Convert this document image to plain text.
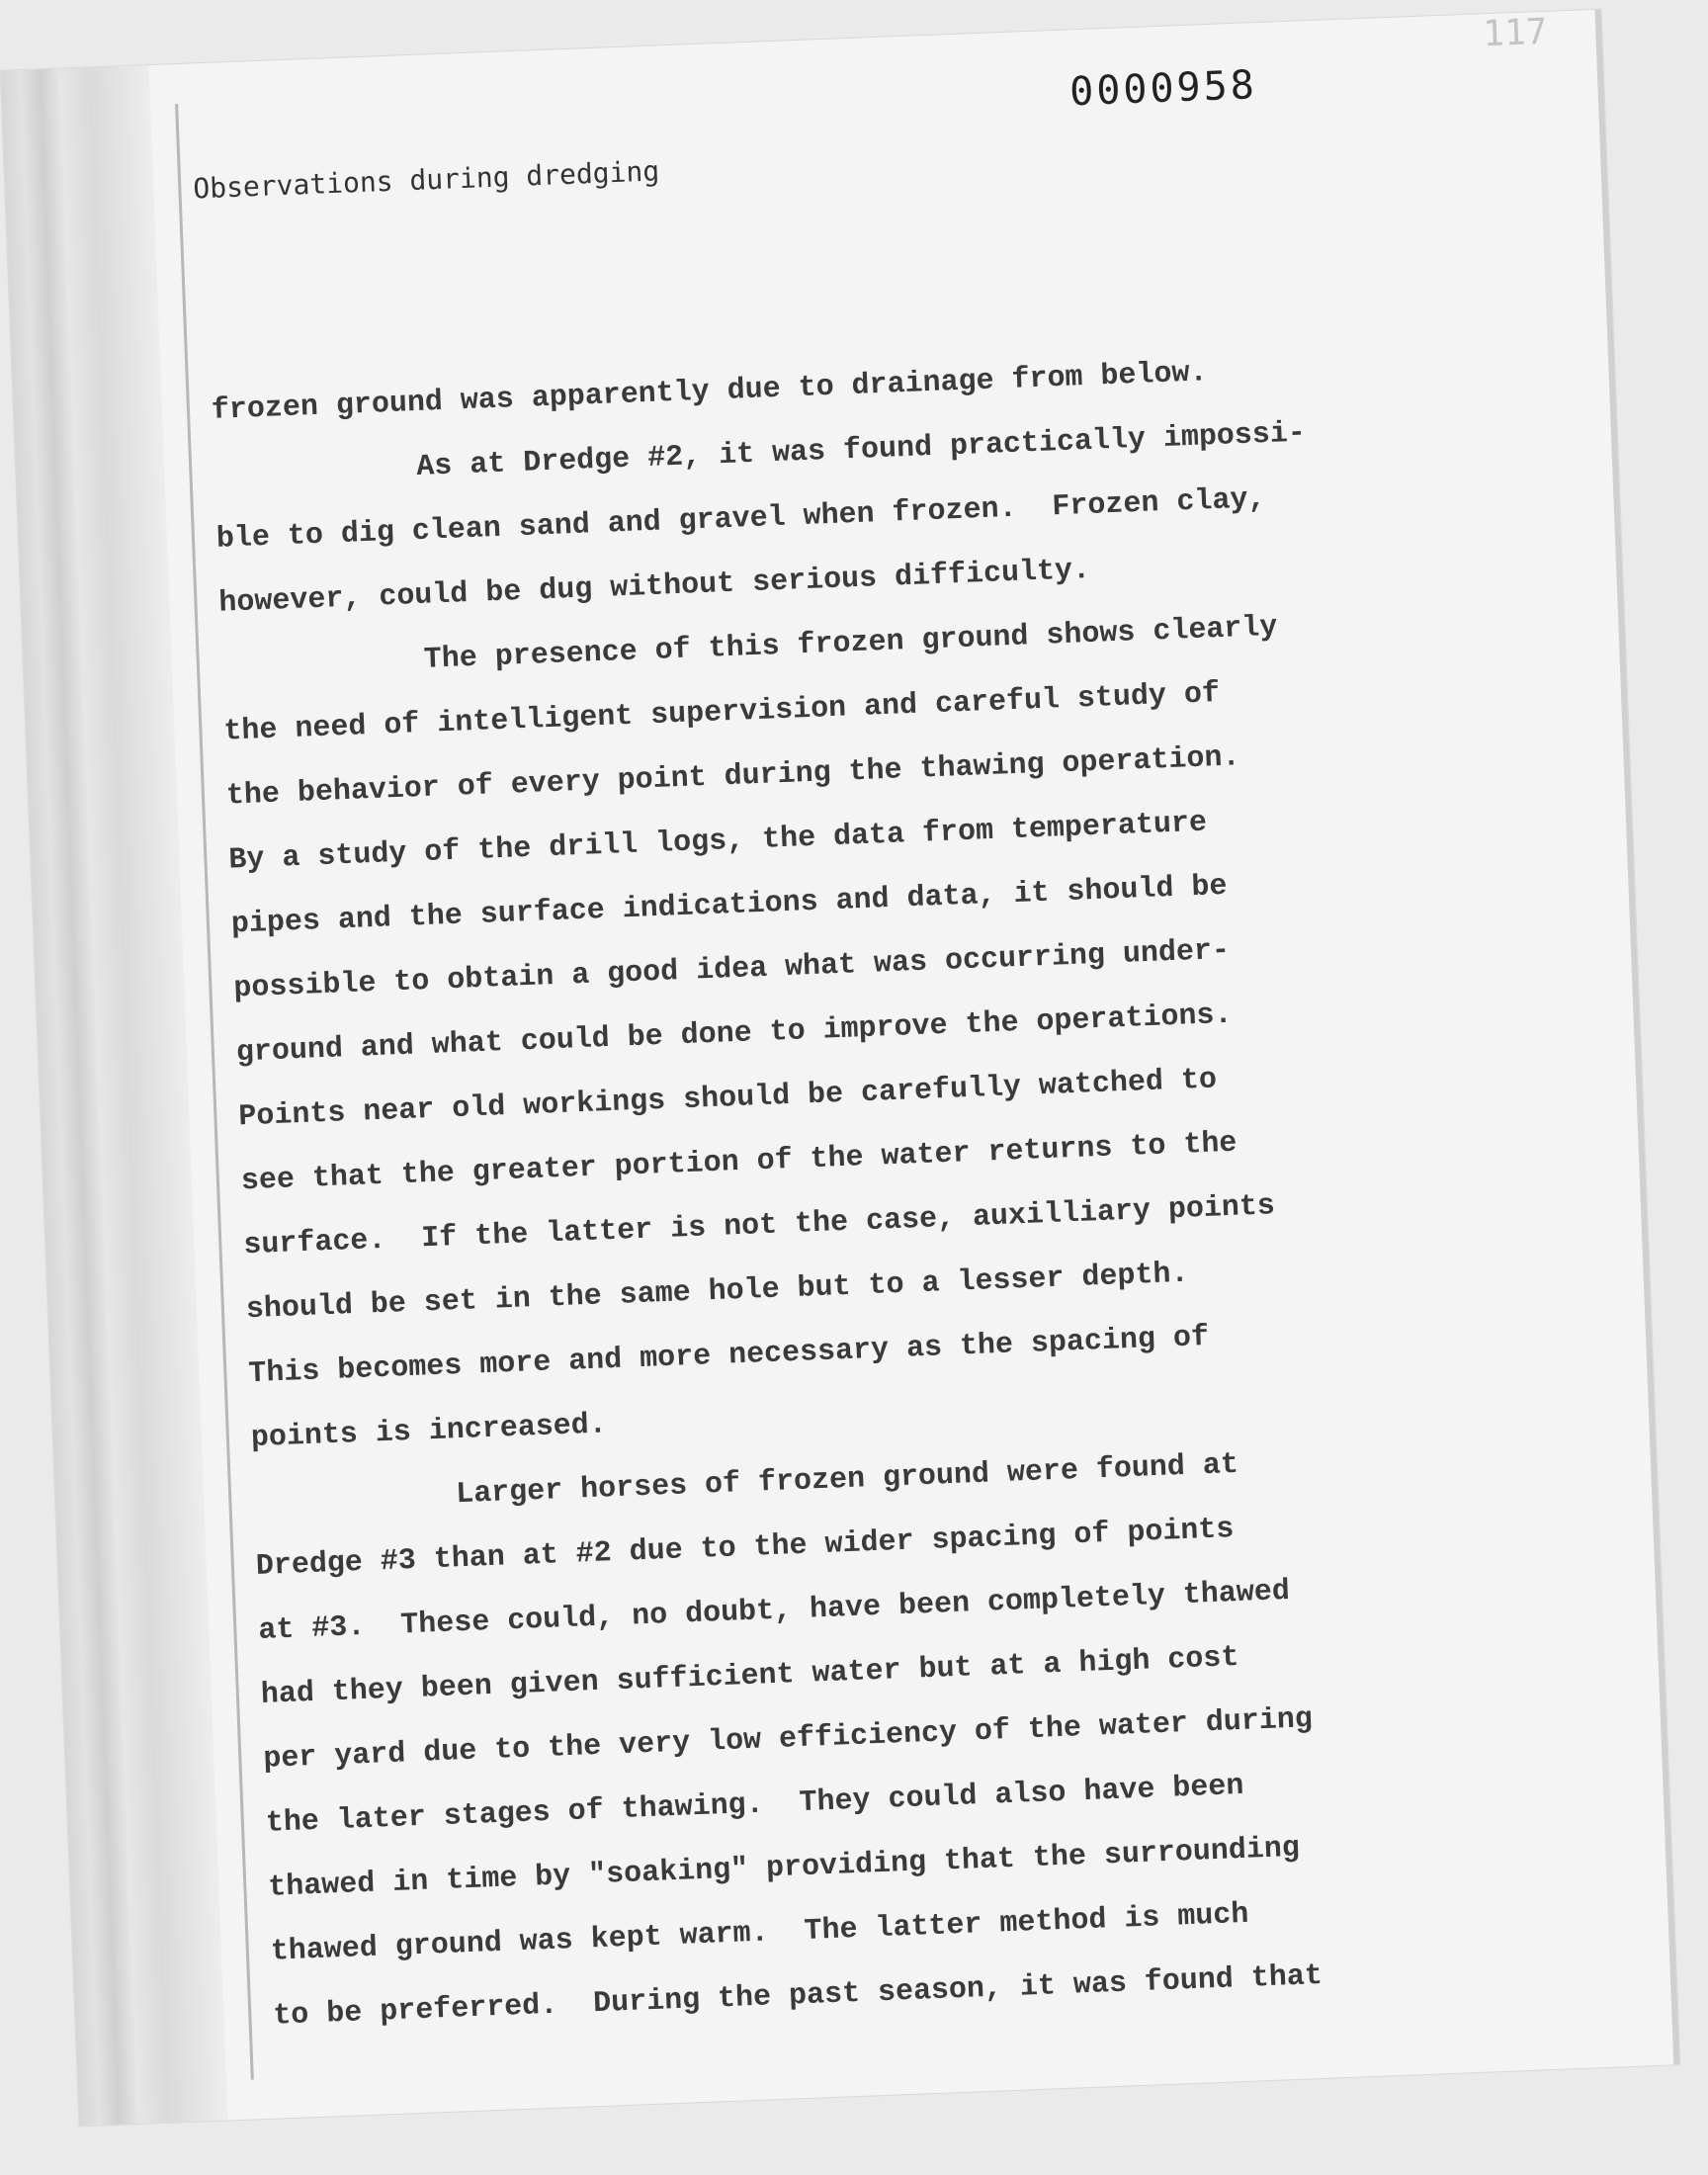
117
0000958
Observations during dredging
frozen ground was apparently due to drainage from below.
As at Dredge #2, it was found practically impossi-
ble to dig clean sand and gravel when frozen.  Frozen clay,
however, could be dug without serious difficulty.
The presence of this frozen ground shows clearly
the need of intelligent supervision and careful study of
the behavior of every point during the thawing operation.
By a study of the drill logs, the data from temperature
pipes and the surface indications and data, it should be
possible to obtain a good idea what was occurring under-
ground and what could be done to improve the operations.
Points near old workings should be carefully watched to
see that the greater portion of the water returns to the
surface.  If the latter is not the case, auxilliary points
should be set in the same hole but to a lesser depth.
This becomes more and more necessary as the spacing of
points is increased.
Larger horses of frozen ground were found at
Dredge #3 than at #2 due to the wider spacing of points
at #3.  These could, no doubt, have been completely thawed
had they been given sufficient water but at a high cost
per yard due to the very low efficiency of the water during
the later stages of thawing.  They could also have been
thawed in time by "soaking" providing that the surrounding
thawed ground was kept warm.  The latter method is much
to be preferred.  During the past season, it was found that
